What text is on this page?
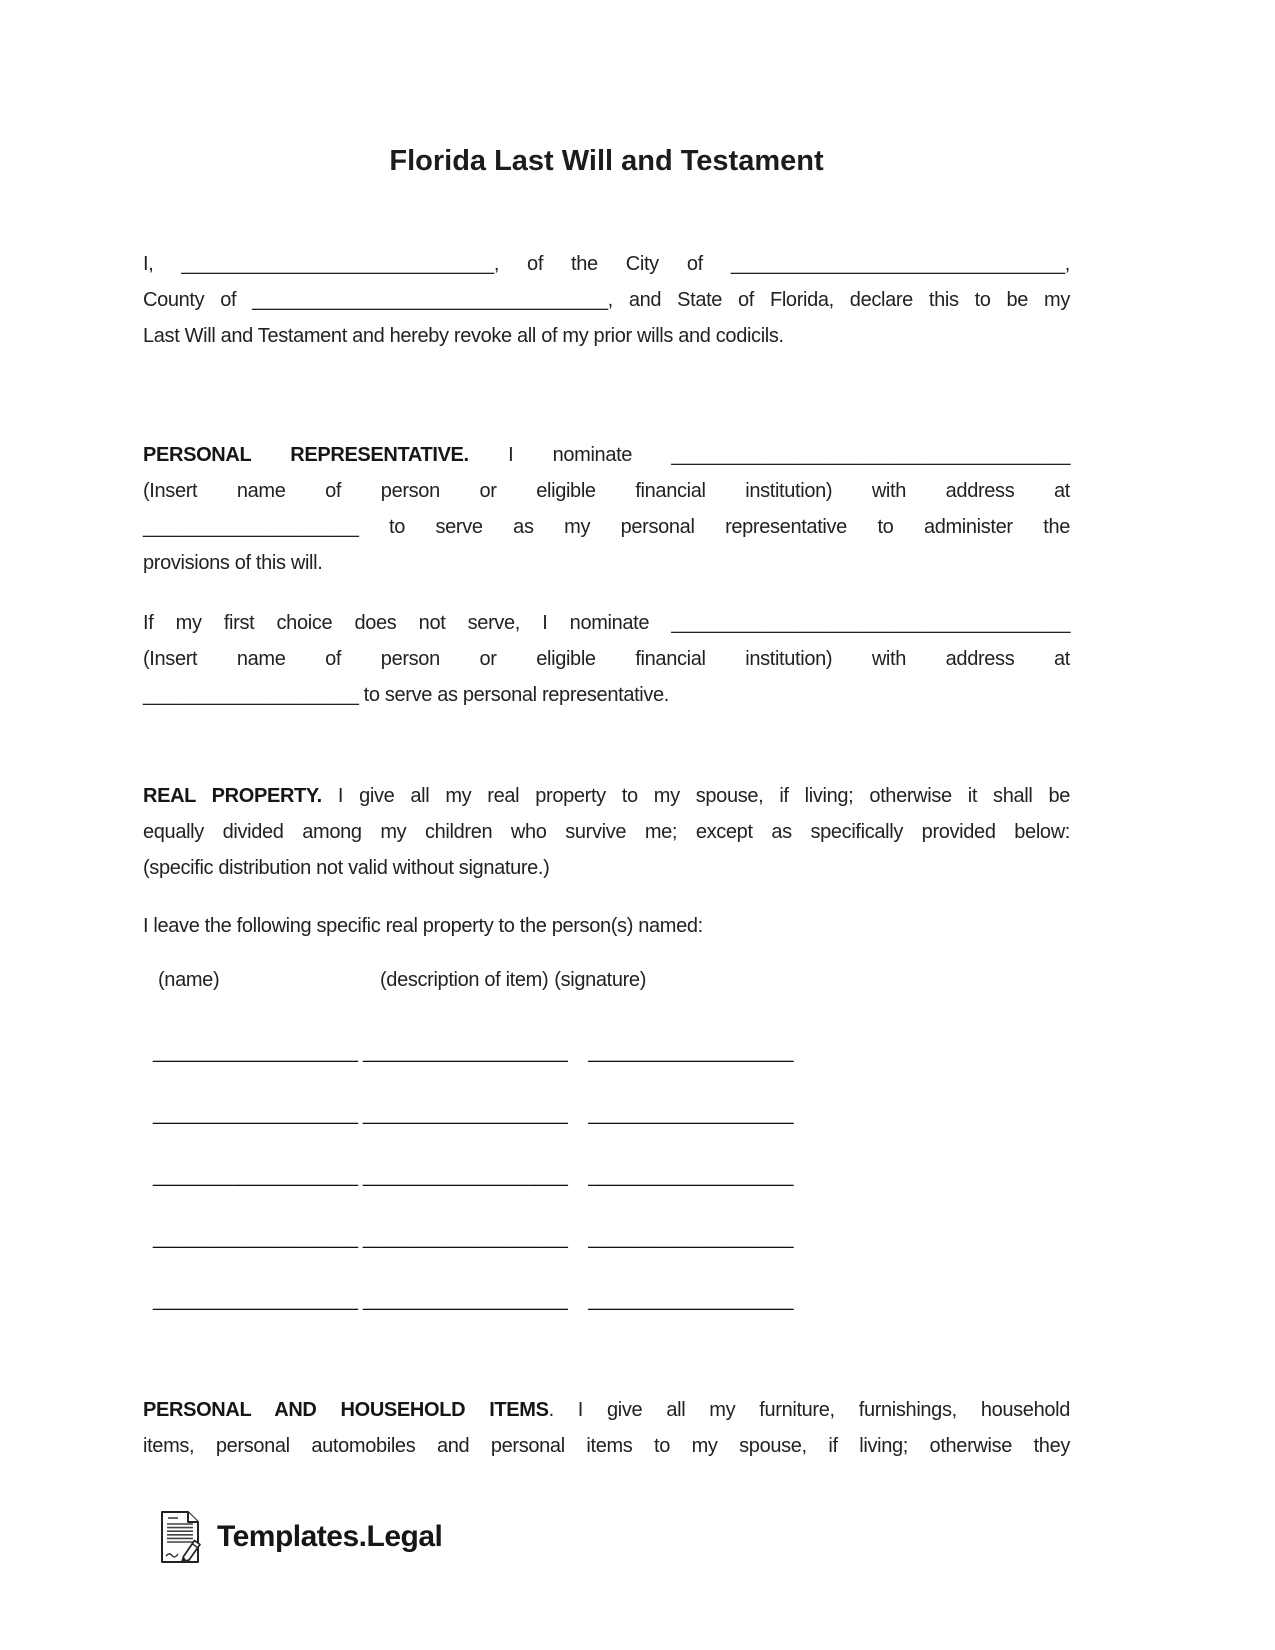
Florida Last Will and Testament
I, _____________________________, of the City of _______________________________,
County of _________________________________, and State of Florida, declare this to be my
Last Will and Testament and hereby revoke all of my prior wills and codicils.
PERSONAL REPRESENTATIVE. I nominate _____________________________________
(Insert name of person or eligible financial institution) with address at
____________________ to serve as my personal representative to administer the
provisions of this will.
If my first choice does not serve, I nominate _____________________________________
(Insert name of person or eligible financial institution) with address at
____________________ to serve as personal representative.
REAL PROPERTY. I give all my real property to my spouse, if living; otherwise it shall be
equally divided among my children who survive me; except as specifically provided below:
(specific distribution not valid without signature.)
I leave the following specific real property to the person(s) named:
(name)	(description of item) (signature)
___________________ ___________________    ___________________
___________________ ___________________    ___________________
___________________ ___________________    ___________________
___________________ ___________________    ___________________
___________________ ___________________    ___________________
PERSONAL AND HOUSEHOLD ITEMS. I give all my furniture, furnishings, household
items, personal automobiles and personal items to my spouse, if living; otherwise they
Templates.Legal
